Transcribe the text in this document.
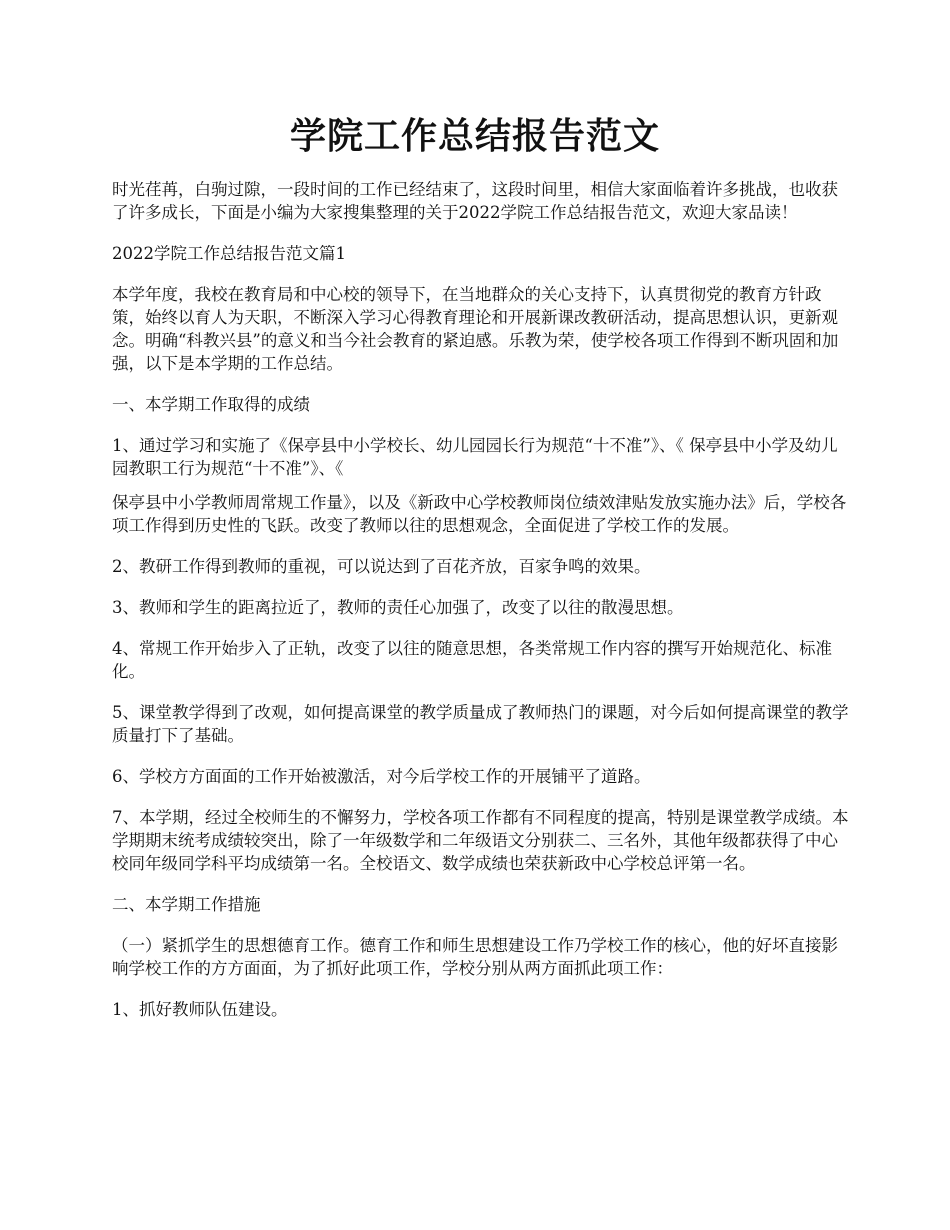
学院工作总结报告范文

时光荏苒，白驹过隙，一段时间的工作已经结束了，这段时间里，相信大家面临着许多挑战，也收获了许多成长，下面是小编为大家搜集整理的关于2022学院工作总结报告范文，欢迎大家品读！

2022学院工作总结报告范文篇1

本学年度，我校在教育局和中心校的领导下，在当地群众的关心支持下，认真贯彻党的教育方针政策，始终以育人为天职，不断深入学习心得教育理论和开展新课改教研活动，提高思想认识，更新观念。明确“科教兴县”的意义和当今社会教育的紧迫感。乐教为荣，使学校各项工作得到不断巩固和加强，以下是本学期的工作总结。

一、本学期工作取得的成绩

1、通过学习和实施了《保亭县中小学校长、幼儿园园长行为规范“十不准”》、《 保亭县中小学及幼儿园教职工行为规范“十不准”》、《

保亭县中小学教师周常规工作量》，以及《新政中心学校教师岗位绩效津贴发放实施办法》后，学校各项工作得到历史性的飞跃。改变了教师以往的思想观念，全面促进了学校工作的发展。

2、教研工作得到教师的重视，可以说达到了百花齐放，百家争鸣的效果。

3、教师和学生的距离拉近了，教师的责任心加强了，改变了以往的散漫思想。

4、常规工作开始步入了正轨，改变了以往的随意思想，各类常规工作内容的撰写开始规范化、标准化。

5、课堂教学得到了改观，如何提高课堂的教学质量成了教师热门的课题，对今后如何提高课堂的教学质量打下了基础。

6、学校方方面面的工作开始被激活，对今后学校工作的开展铺平了道路。

7、本学期，经过全校师生的不懈努力，学校各项工作都有不同程度的提高，特别是课堂教学成绩。本学期期末统考成绩较突出，除了一年级数学和二年级语文分别获二、三名外，其他年级都获得了中心校同年级同学科平均成绩第一名。全校语文、数学成绩也荣获新政中心学校总评第一名。

二、本学期工作措施

（一）紧抓学生的思想德育工作。德育工作和师生思想建设工作乃学校工作的核心，他的好坏直接影响学校工作的方方面面，为了抓好此项工作，学校分别从两方面抓此项工作：

1、抓好教师队伍建设。
